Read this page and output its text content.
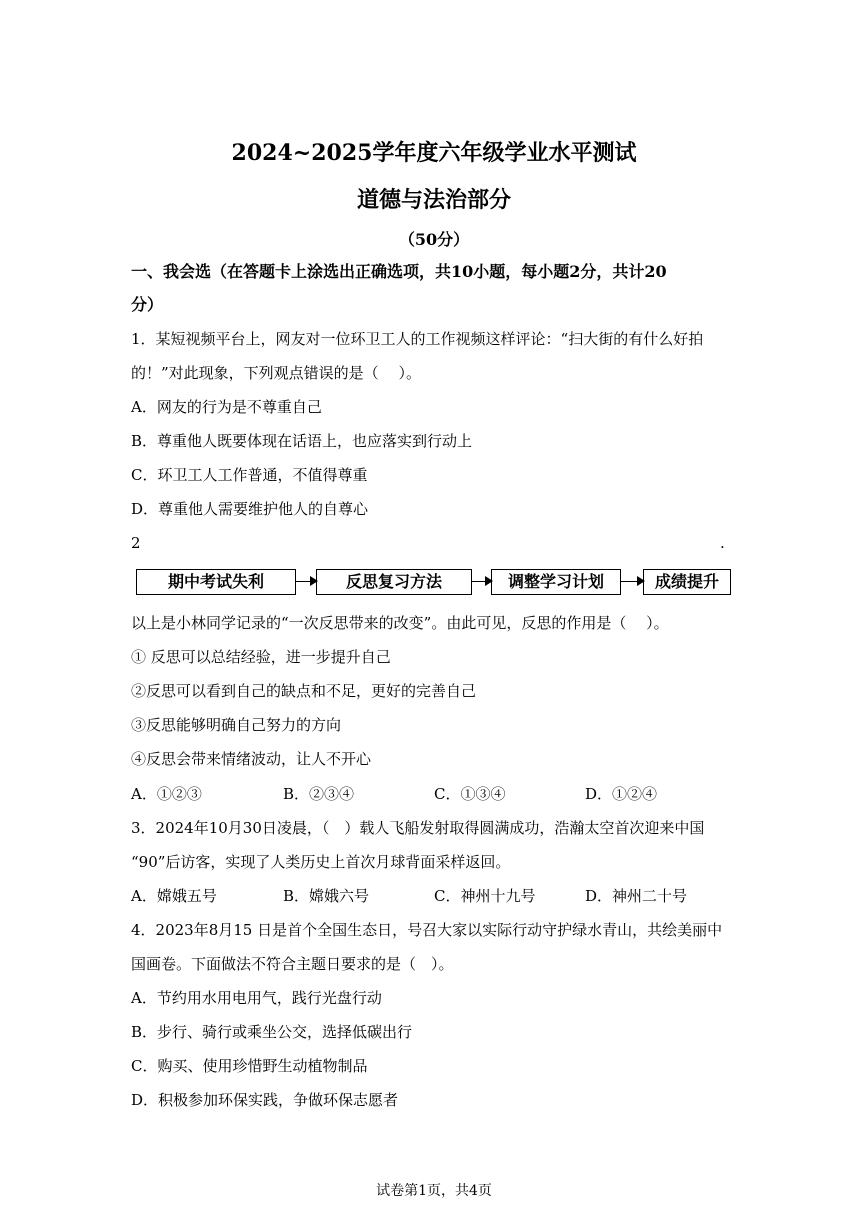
2024~2025学年度六年级学业水平测试
道德与法治部分
（50分）
一、我会选（在答题卡上涂选出正确选项，共10小题，每小题2分，共计20
分）
1．某短视频平台上，网友对一位环卫工人的工作视频这样评论：“扫大街的有什么好拍
的！”对此现象，下列观点错误的是（　 ）。
A．网友的行为是不尊重自己
B．尊重他人既要体现在话语上，也应落实到行动上
C．环卫工人工作普通，不值得尊重
D．尊重他人需要维护他人的自尊心
2	.
期中考试失利	反思复习方法	调整学习计划	成绩提升
以上是小林同学记录的“一次反思带来的改变”。由此可见，反思的作用是（　 ）。
① 反思可以总结经验，进一步提升自己
②反思可以看到自己的缺点和不足，更好的完善自己
③反思能够明确自己努力的方向
④反思会带来情绪波动，让人不开心
A．①②③	B．②③④	C．①③④	D．①②④
3．2024年10月30日凌晨，（　）载人飞船发射取得圆满成功，浩瀚太空首次迎来中国
“90”后访客，实现了人类历史上首次月球背面采样返回。
A．嫦娥五号	B．嫦娥六号	C．神州十九号	D．神州二十号
4．2023年8月15 日是首个全国生态日，号召大家以实际行动守护绿水青山，共绘美丽中
国画卷。下面做法不符合主题日要求的是（　）。
A．节约用水用电用气，践行光盘行动
B．步行、骑行或乘坐公交，选择低碳出行
C．购买、使用珍惜野生动植物制品
D．积极参加环保实践，争做环保志愿者
试卷第1页，共4页
